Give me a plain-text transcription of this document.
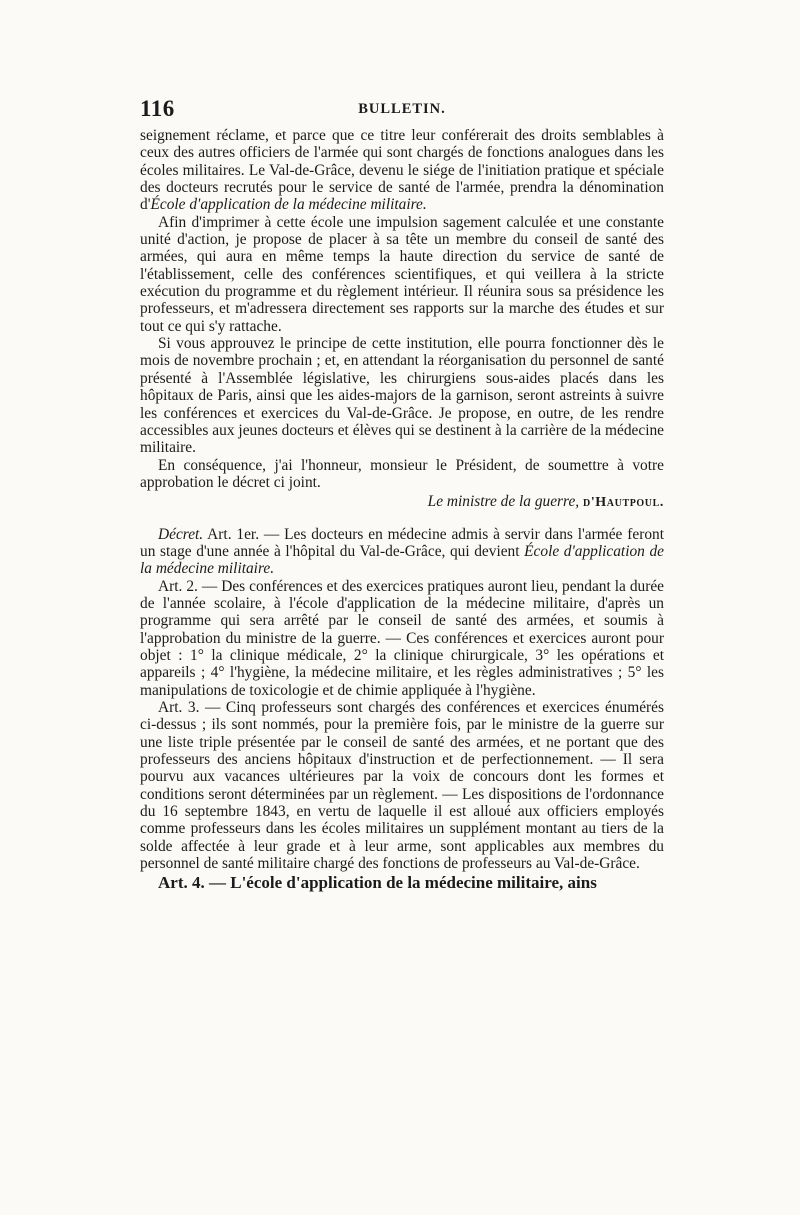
116	BULLETIN.

seignement réclame, et parce que ce titre leur conférerait des droits semblables à ceux des autres officiers de l'armée qui sont chargés de fonctions analogues dans les écoles militaires. Le Val-de-Grâce, devenu le siége de l'initiation pratique et spéciale des docteurs recrutés pour le service de santé de l'armée, prendra la dénomination d'École d'application de la médecine militaire.

Afin d'imprimer à cette école une impulsion sagement calculée et une constante unité d'action, je propose de placer à sa tête un membre du conseil de santé des armées, qui aura en même temps la haute direction du service de santé de l'établissement, celle des conférences scientifiques, et qui veillera à la stricte exécution du programme et du règlement intérieur. Il réunira sous sa présidence les professeurs, et m'adressera directement ses rapports sur la marche des études et sur tout ce qui s'y rattache.

Si vous approuvez le principe de cette institution, elle pourra fonctionner dès le mois de novembre prochain ; et, en attendant la réorganisation du personnel de santé présenté à l'Assemblée législative, les chirurgiens sous-aides placés dans les hôpitaux de Paris, ainsi que les aides-majors de la garnison, seront astreints à suivre les conférences et exercices du Val-de-Grâce. Je propose, en outre, de les rendre accessibles aux jeunes docteurs et élèves qui se destinent à la carrière de la médecine militaire.

En conséquence, j'ai l'honneur, monsieur le Président, de soumettre à votre approbation le décret ci joint.

Le ministre de la guerre, d'Hautpoul.

Décret. Art. 1er. — Les docteurs en médecine admis à servir dans l'armée feront un stage d'une année à l'hôpital du Val-de-Grâce, qui devient École d'application de la médecine militaire.

Art. 2. — Des conférences et des exercices pratiques auront lieu, pendant la durée de l'année scolaire, à l'école d'application de la médecine militaire, d'après un programme qui sera arrêté par le conseil de santé des armées, et soumis à l'approbation du ministre de la guerre. — Ces conférences et exercices auront pour objet : 1° la clinique médicale, 2° la clinique chirurgicale, 3° les opérations et appareils ; 4° l'hygiène, la médecine militaire, et les règles administratives ; 5° les manipulations de toxicologie et de chimie appliquée à l'hygiène.

Art. 3. — Cinq professeurs sont chargés des conférences et exercices énumérés ci-dessus ; ils sont nommés, pour la première fois, par le ministre de la guerre sur une liste triple présentée par le conseil de santé des armées, et ne portant que des professeurs des anciens hôpitaux d'instruction et de perfectionnement. — Il sera pourvu aux vacances ultérieures par la voix de concours dont les formes et conditions seront déterminées par un règlement. — Les dispositions de l'ordonnance du 16 septembre 1843, en vertu de laquelle il est alloué aux officiers employés comme professeurs dans les écoles militaires un supplément montant au tiers de la solde affectée à leur grade et à leur arme, sont applicables aux membres du personnel de santé militaire chargé des fonctions de professeurs au Val-de-Grâce.

Art. 4. — L'école d'application de la médecine militaire, ains
